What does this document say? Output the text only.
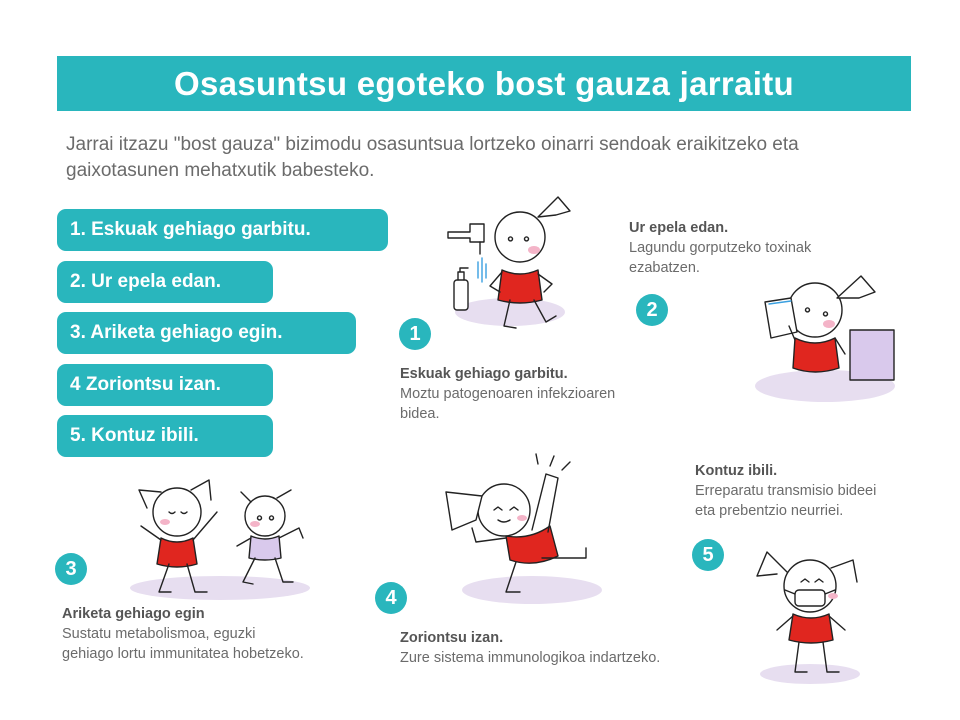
Osasuntsu egoteko bost gauza jarraitu
Jarrai itzazu "bost gauza" bizimodu osasuntsua lortzeko oinarri sendoak eraikitzeko eta gaixotasunen mehatxutik babesteko.
1. Eskuak gehiago garbitu.
2. Ur epela edan.
3. Ariketa gehiago egin.
4 Zoriontsu izan.
5. Kontuz ibili.
1
2
3
4
5
Eskuak gehiago garbitu.
Moztu patogenoaren infekzioaren
bidea.
Ur epela edan.
Lagundu gorputzeko toxinak
ezabatzen.
Ariketa gehiago egin
Sustatu metabolismoa, eguzki
gehiago lortu immunitatea hobetzeko.
Zoriontsu izan.
Zure sistema immunologikoa indartzeko.
Kontuz ibili.
Erreparatu transmisio bideei
eta prebentzio neurriei.
